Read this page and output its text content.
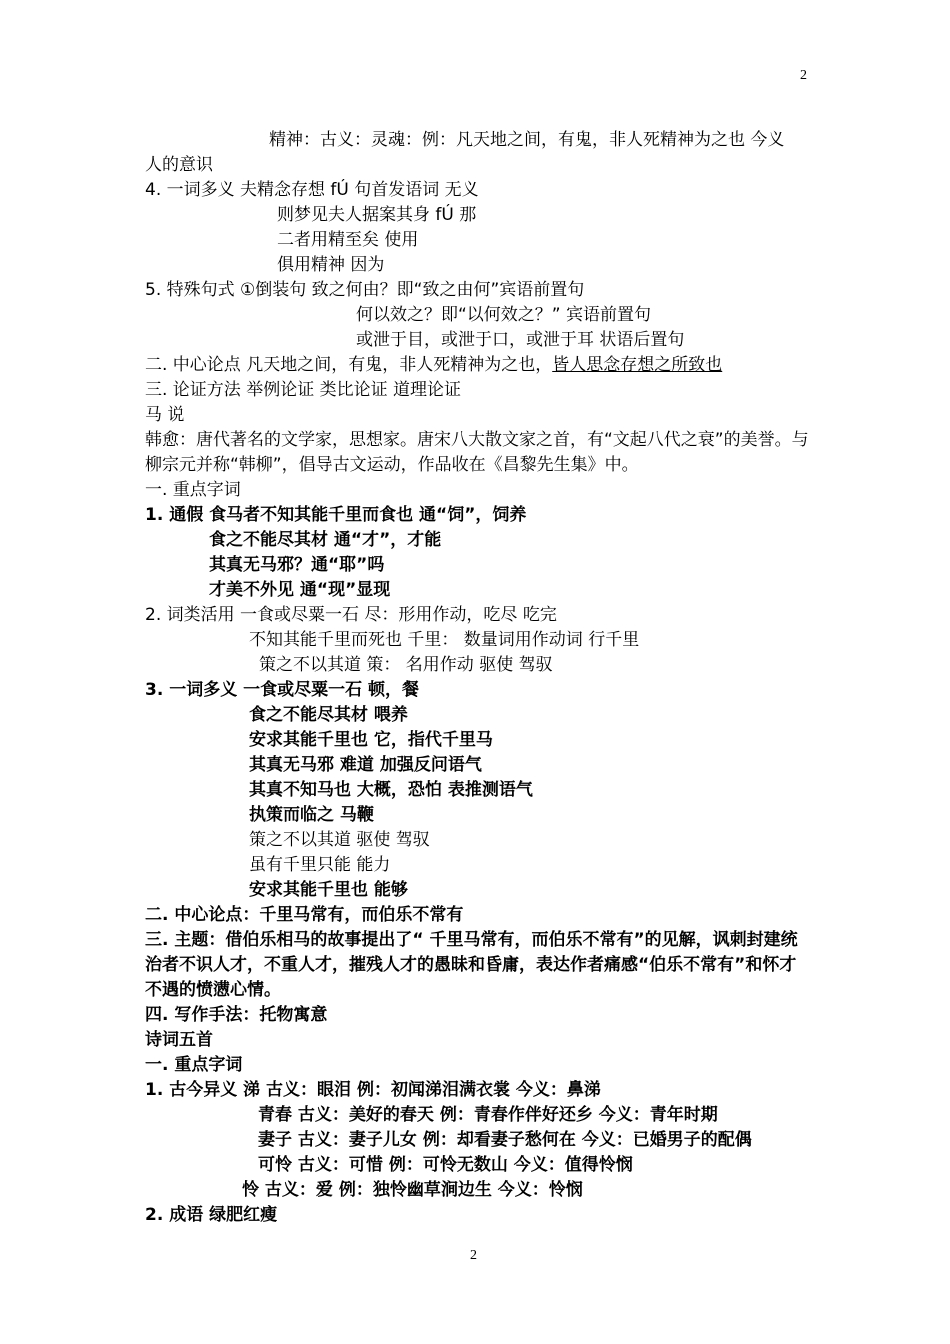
2
精神：古义：灵魂：例：凡天地之间，有鬼，非人死精神为之也 今义
人的意识
4. 一词多义 夫精念存想 fÚ 句首发语词 无义
则梦见夫人据案其身 fÚ 那
二者用精至矣 使用
俱用精神 因为
5. 特殊句式 ①倒装句 致之何由？即“致之由何”宾语前置句
何以效之？即“以何效之？” 宾语前置句
或泄于目，或泄于口，或泄于耳 状语后置句
二. 中心论点 凡天地之间，有鬼，非人死精神为之也，皆人思念存想之所致也
三. 论证方法 举例论证 类比论证 道理论证
马 说
韩愈：唐代著名的文学家，思想家。唐宋八大散文家之首，有“文起八代之衰”的美誉。与柳宗元并称“韩柳”，倡导古文运动，作品收在《昌黎先生集》中。
一. 重点字词
1. 通假 食马者不知其能千里而食也 通“饲”，饲养
食之不能尽其材 通“才”，才能
其真无马邪？通“耶”吗
才美不外见 通“现”显现
2. 词类活用 一食或尽粟一石 尽：形用作动，吃尽 吃完
不知其能千里而死也 千里： 数量词用作动词 行千里
策之不以其道 策： 名用作动 驱使 驾驭
3. 一词多义 一食或尽粟一石 顿，餐
食之不能尽其材 喂养
安求其能千里也 它，指代千里马
其真无马邪 难道 加强反问语气
其真不知马也 大概，恐怕 表推测语气
执策而临之 马鞭
策之不以其道 驱使 驾驭
虽有千里只能 能力
安求其能千里也 能够
二. 中心论点：千里马常有，而伯乐不常有
三. 主题：借伯乐相马的故事提出了“ 千里马常有，而伯乐不常有”的见解，讽刺封建统治者不识人才，不重人才，摧残人才的愚昧和昏庸，表达作者痛感“伯乐不常有”和怀才不遇的愤懑心情。
四. 写作手法：托物寓意
诗词五首
一. 重点字词
1. 古今异义 涕 古义：眼泪 例：初闻涕泪满衣裳 今义：鼻涕
青春 古义：美好的春天 例：青春作伴好还乡 今义：青年时期
妻子 古义：妻子儿女 例：却看妻子愁何在 今义：已婚男子的配偶
可怜 古义：可惜 例：可怜无数山 今义：值得怜悯
怜 古义：爱 例：独怜幽草涧边生 今义：怜悯
2. 成语 绿肥红瘦
2
